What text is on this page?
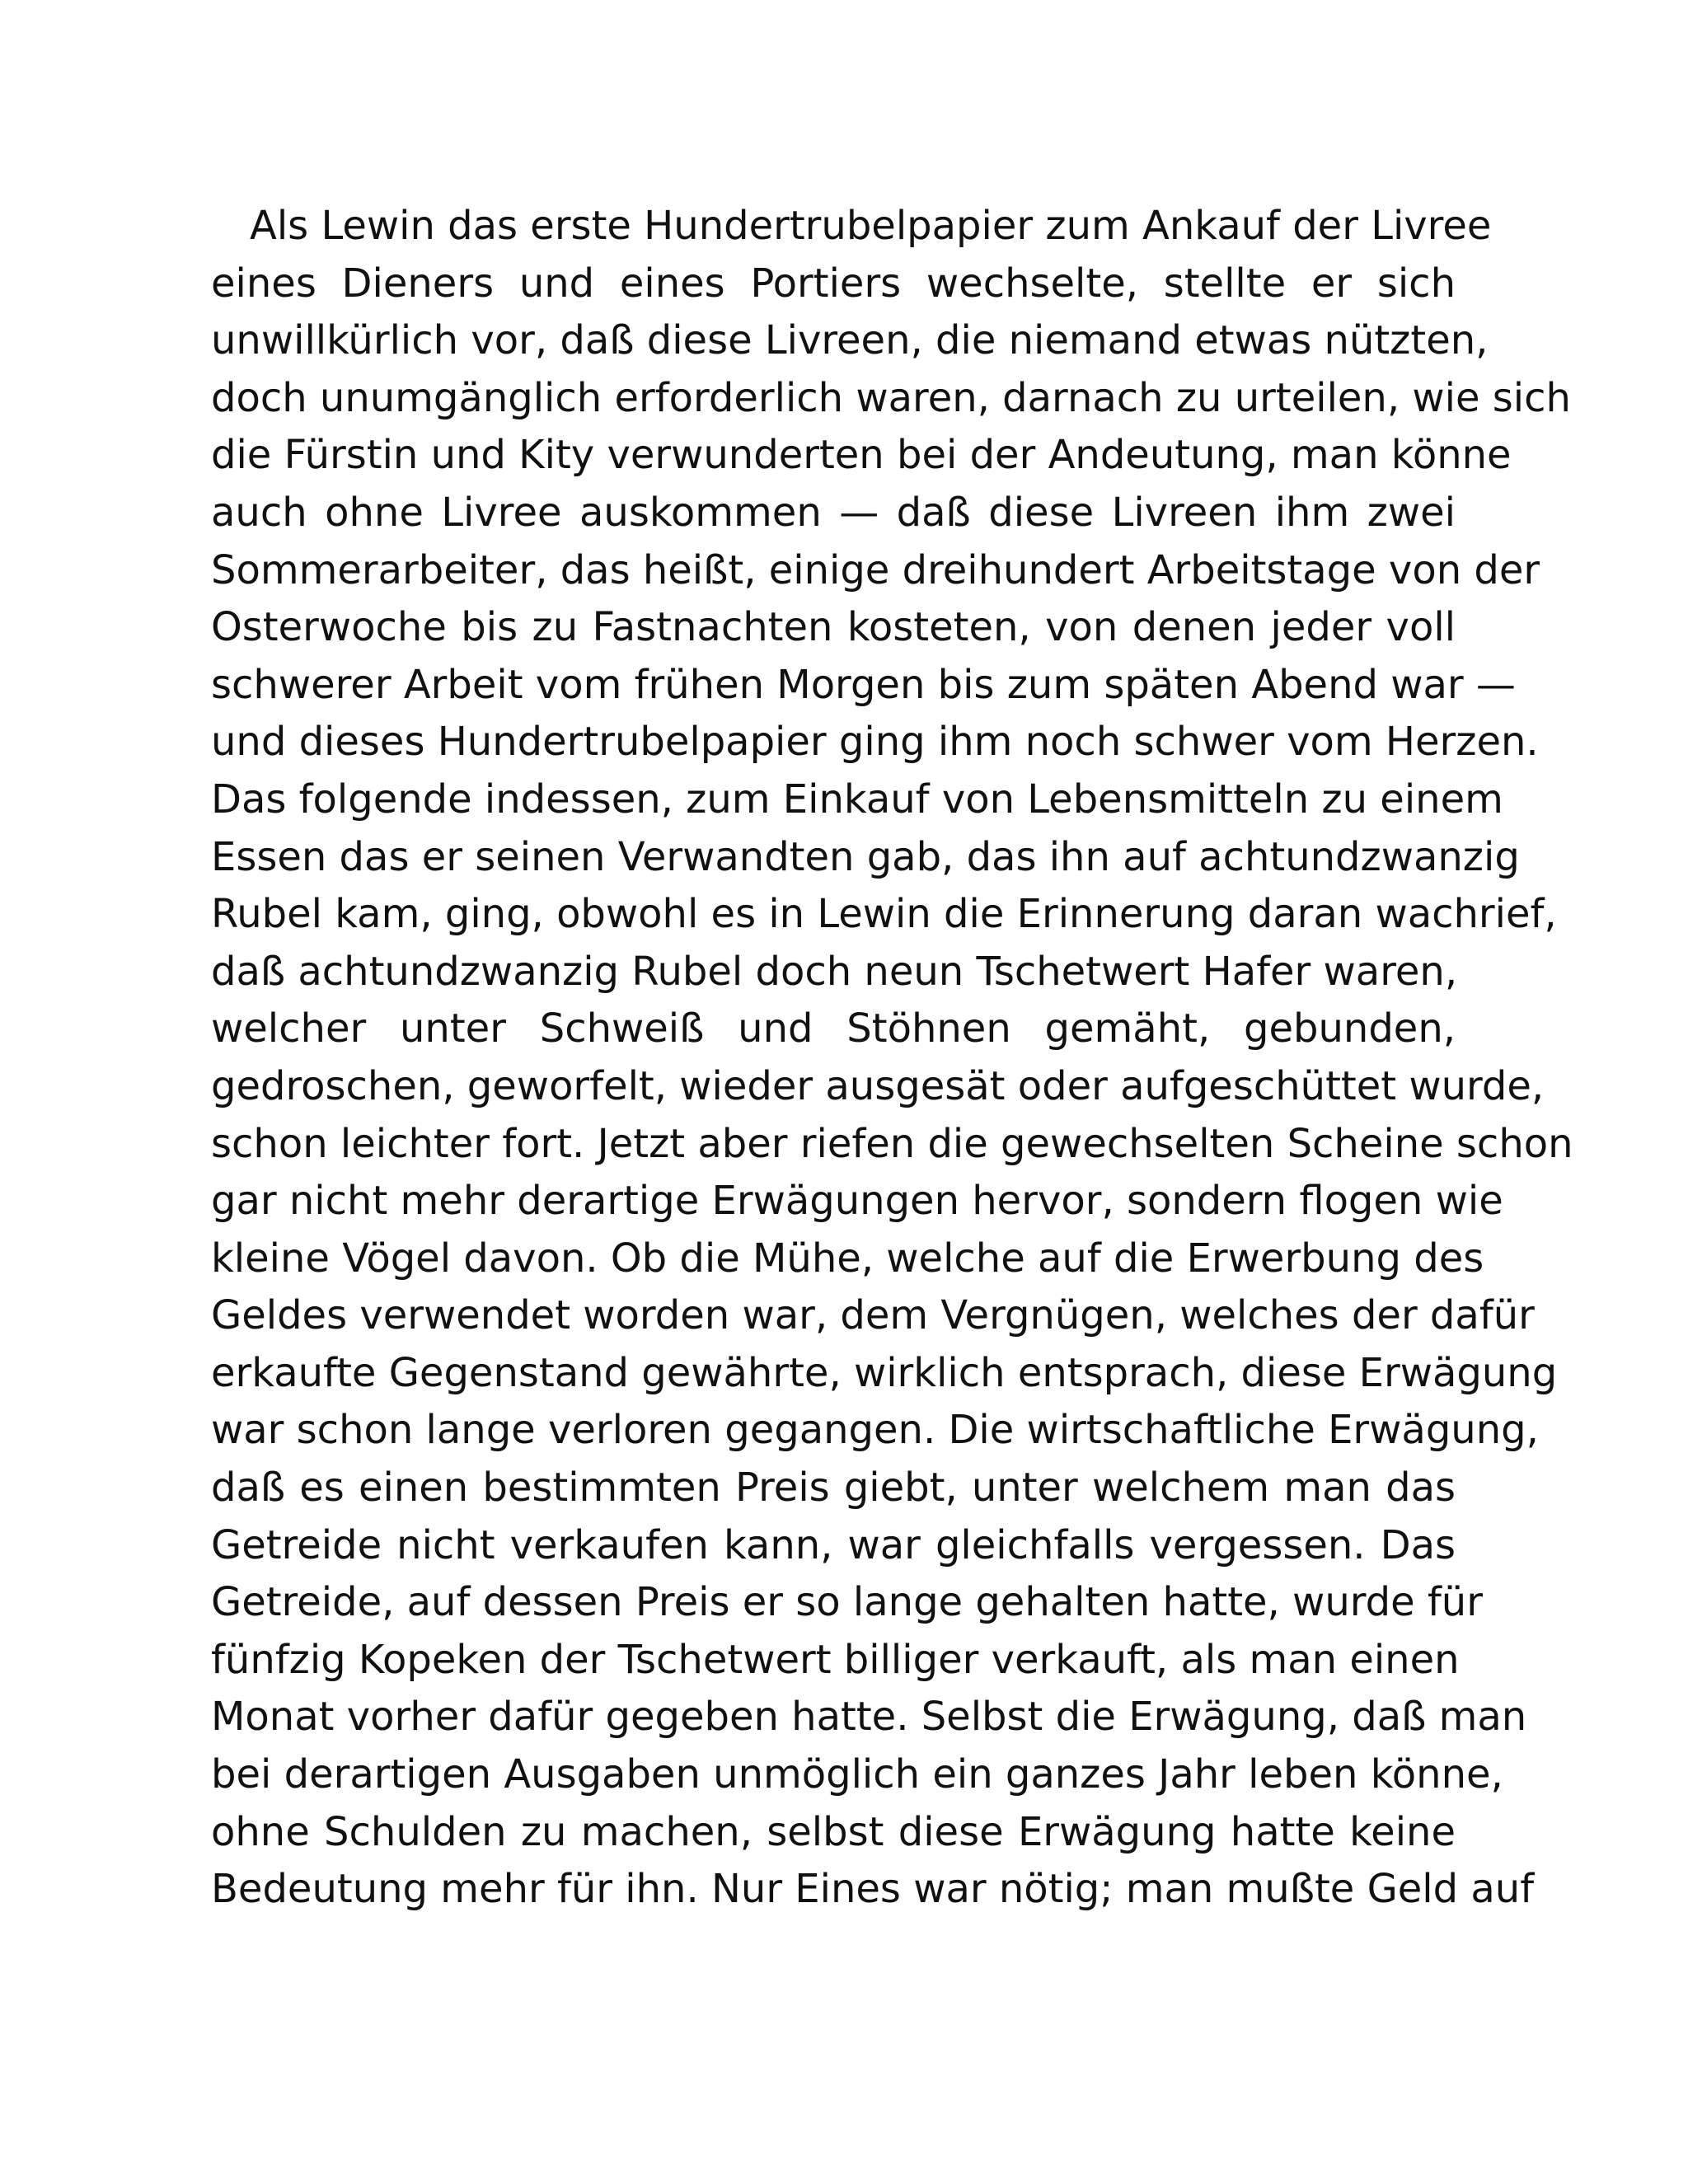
Als Lewin das erste Hundertrubelpapier zum Ankauf der Livree
eines Dieners und eines Portiers wechselte, stellte er sich
unwillkürlich vor, daß diese Livreen, die niemand etwas nützten,
doch unumgänglich erforderlich waren, darnach zu urteilen, wie sich
die Fürstin und Kity verwunderten bei der Andeutung, man könne
auch ohne Livree auskommen — daß diese Livreen ihm zwei
Sommerarbeiter, das heißt, einige dreihundert Arbeitstage von der
Osterwoche bis zu Fastnachten kosteten, von denen jeder voll
schwerer Arbeit vom frühen Morgen bis zum späten Abend war —
und dieses Hundertrubelpapier ging ihm noch schwer vom Herzen.
Das folgende indessen, zum Einkauf von Lebensmitteln zu einem
Essen das er seinen Verwandten gab, das ihn auf achtundzwanzig
Rubel kam, ging, obwohl es in Lewin die Erinnerung daran wachrief,
daß achtundzwanzig Rubel doch neun Tschetwert Hafer waren,
welcher unter Schweiß und Stöhnen gemäht, gebunden,
gedroschen, geworfelt, wieder ausgesät oder aufgeschüttet wurde,
schon leichter fort. Jetzt aber riefen die gewechselten Scheine schon
gar nicht mehr derartige Erwägungen hervor, sondern flogen wie
kleine Vögel davon. Ob die Mühe, welche auf die Erwerbung des
Geldes verwendet worden war, dem Vergnügen, welches der dafür
erkaufte Gegenstand gewährte, wirklich entsprach, diese Erwägung
war schon lange verloren gegangen. Die wirtschaftliche Erwägung,
daß es einen bestimmten Preis giebt, unter welchem man das
Getreide nicht verkaufen kann, war gleichfalls vergessen. Das
Getreide, auf dessen Preis er so lange gehalten hatte, wurde für
fünfzig Kopeken der Tschetwert billiger verkauft, als man einen
Monat vorher dafür gegeben hatte. Selbst die Erwägung, daß man
bei derartigen Ausgaben unmöglich ein ganzes Jahr leben könne,
ohne Schulden zu machen, selbst diese Erwägung hatte keine
Bedeutung mehr für ihn. Nur Eines war nötig; man mußte Geld auf
